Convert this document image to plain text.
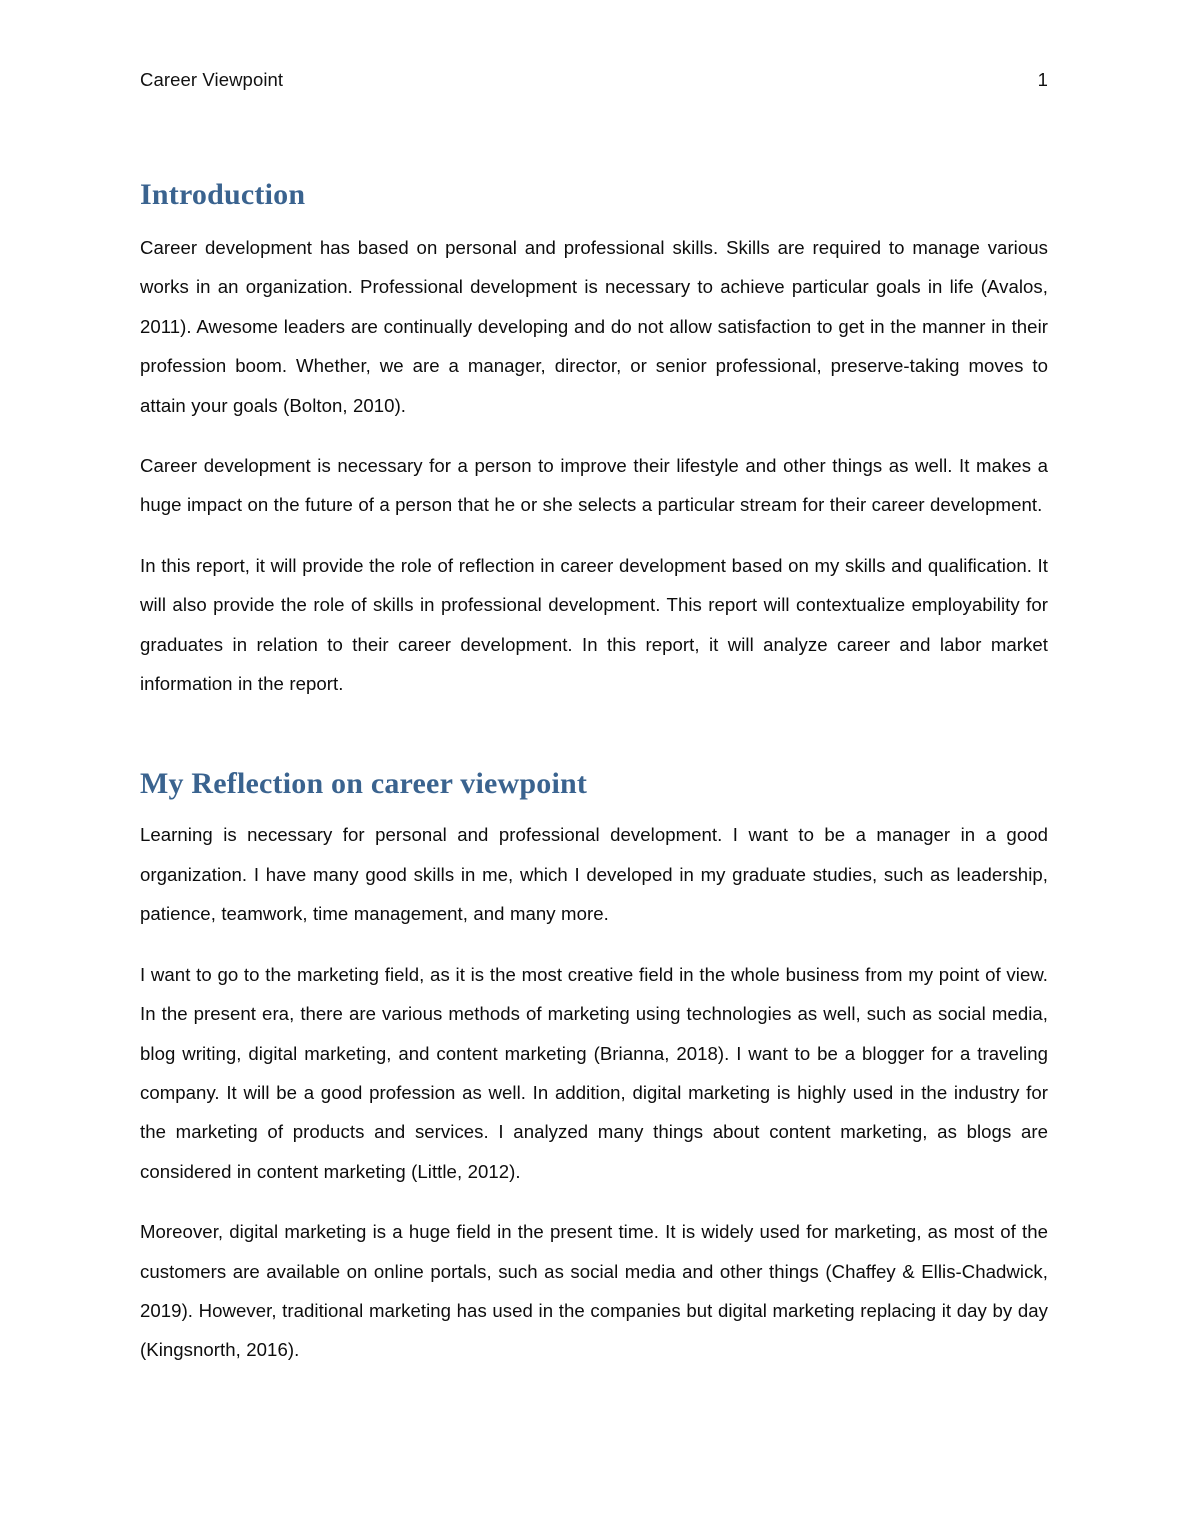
Career Viewpoint	1
Introduction

Career development has based on personal and professional skills. Skills are required to manage various works in an organization. Professional development is necessary to achieve particular goals in life (Avalos, 2011). Awesome leaders are continually developing and do not allow satisfaction to get in the manner in their profession boom. Whether, we are a manager, director, or senior professional, preserve-taking moves to attain your goals (Bolton, 2010).

Career development is necessary for a person to improve their lifestyle and other things as well. It makes a huge impact on the future of a person that he or she selects a particular stream for their career development.

In this report, it will provide the role of reflection in career development based on my skills and qualification. It will also provide the role of skills in professional development. This report will contextualize employability for graduates in relation to their career development. In this report, it will analyze career and labor market information in the report.

My Reflection on career viewpoint

Learning is necessary for personal and professional development. I want to be a manager in a good organization. I have many good skills in me, which I developed in my graduate studies, such as leadership, patience, teamwork, time management, and many more.

I want to go to the marketing field, as it is the most creative field in the whole business from my point of view. In the present era, there are various methods of marketing using technologies as well, such as social media, blog writing, digital marketing, and content marketing (Brianna, 2018). I want to be a blogger for a traveling company. It will be a good profession as well. In addition, digital marketing is highly used in the industry for the marketing of products and services. I analyzed many things about content marketing, as blogs are considered in content marketing (Little, 2012).

Moreover, digital marketing is a huge field in the present time. It is widely used for marketing, as most of the customers are available on online portals, such as social media and other things (Chaffey & Ellis-Chadwick, 2019). However, traditional marketing has used in the companies but digital marketing replacing it day by day (Kingsnorth, 2016).
